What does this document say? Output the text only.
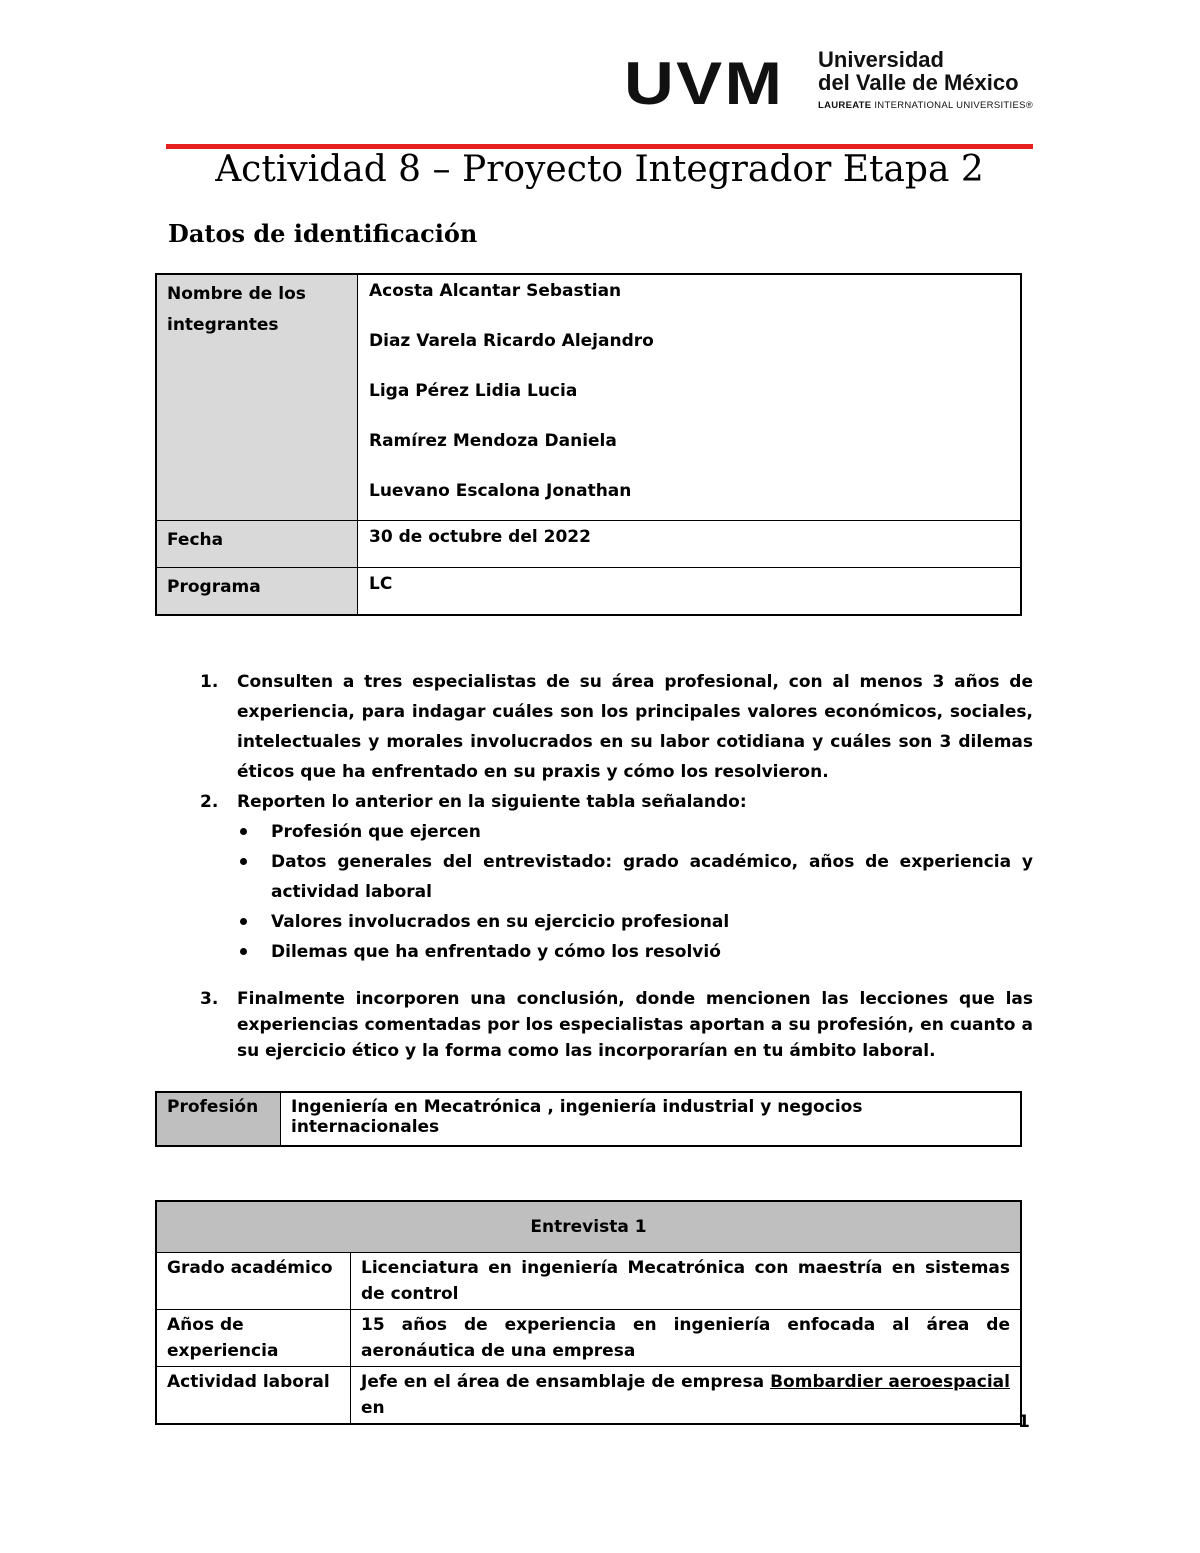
UVM Universidad
del Valle de México
LAUREATE INTERNATIONAL UNIVERSITIES®
Actividad 8 – Proyecto Integrador Etapa 2
Datos de identificación
Nombre de los integrantes	Acosta Alcantar Sebastian
Diaz Varela Ricardo Alejandro
Liga Pérez Lidia Lucia
Ramírez Mendoza Daniela
Luevano Escalona Jonathan

Fecha	30 de octubre del 2022
Programa	LC
1. Consulten a tres especialistas de su área profesional, con al menos 3 años de experiencia, para indagar cuáles son los principales valores económicos, sociales, intelectuales y morales involucrados en su labor cotidiana y cuáles son 3 dilemas éticos que ha enfrentado en su praxis y cómo los resolvieron.
2. Reporten lo anterior en la siguiente tabla señalando:
Profesión que ejercen
Datos generales del entrevistado: grado académico, años de experiencia y actividad laboral
Valores involucrados en su ejercicio profesional
Dilemas que ha enfrentado y cómo los resolvió
3. Finalmente incorporen una conclusión, donde mencionen las lecciones que las experiencias comentadas por los especialistas aportan a su profesión, en cuanto a su ejercicio ético y la forma como las incorporarían en tu ámbito laboral.
Profesión	Ingeniería en Mecatrónica , ingeniería industrial y negocios internacionales
Entrevista 1	
Grado académico	Licenciatura en ingeniería Mecatrónica con maestría en sistemas de control
Años de experiencia	15 años de experiencia en ingeniería enfocada al área de aeronáutica de una empresa
Actividad laboral	Jefe en el área de ensamblaje de empresa Bombardier aeroespacial en
1
